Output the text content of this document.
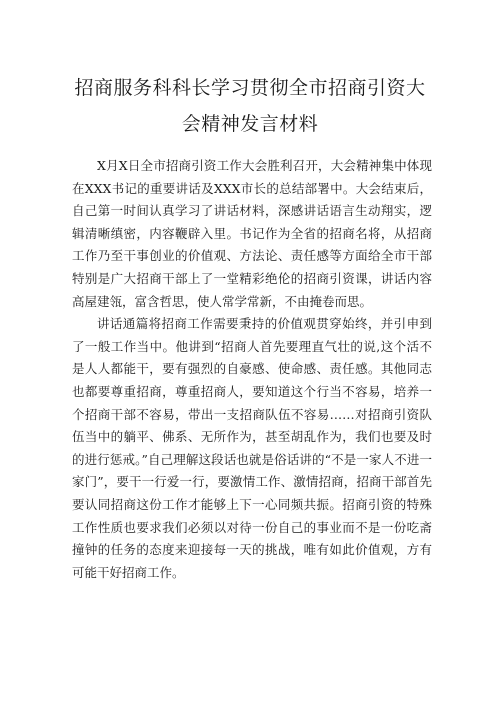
招商服务科科长学习贯彻全市招商引资大
会精神发言材料

X月X日全市招商引资工作大会胜利召开，大会精神集中体现在XXX书记的重要讲话及XXX市长的总结部署中。大会结束后，自己第一时间认真学习了讲话材料，深感讲话语言生动翔实，逻辑清晰缜密，内容鞭辟入里。书记作为全省的招商名将，从招商工作乃至干事创业的价值观、方法论、责任感等方面给全市干部特别是广大招商干部上了一堂精彩绝伦的招商引资课，讲话内容高屋建瓴，富含哲思，使人常学常新，不由掩卷而思。

讲话通篇将招商工作需要秉持的价值观贯穿始终，并引申到了一般工作当中。他讲到“招商人首先要理直气壮的说,这个活不是人人都能干，要有强烈的自豪感、使命感、责任感。其他同志也都要尊重招商，尊重招商人，要知道这个行当不容易，培养一个招商干部不容易，带出一支招商队伍不容易……对招商引资队伍当中的躺平、佛系、无所作为，甚至胡乱作为，我们也要及时的进行惩戒。”自己理解这段话也就是俗话讲的“不是一家人不进一家门”，要干一行爱一行，要激情工作、激情招商，招商干部首先要认同招商这份工作才能够上下一心同频共振。招商引资的特殊工作性质也要求我们必须以对待一份自己的事业而不是一份吃斋撞钟的任务的态度来迎接每一天的挑战，唯有如此价值观，方有可能干好招商工作。
